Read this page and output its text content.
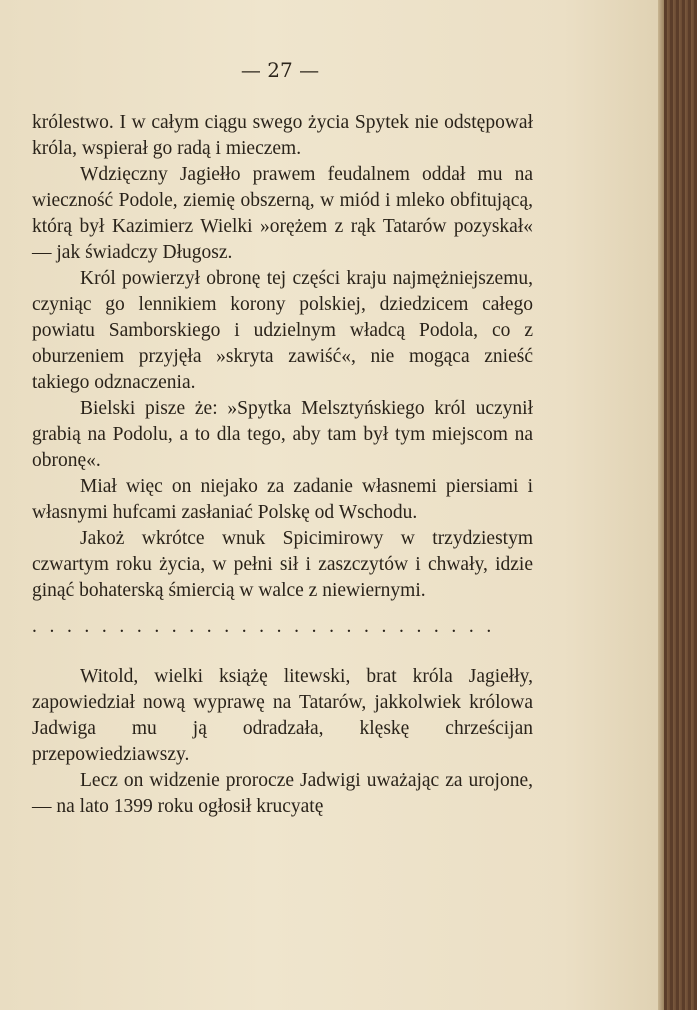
— 27 —

królestwo. I w całym ciągu swego życia Spytek nie odstępował króla, wspierał go radą i mieczem.

Wdzięczny Jagiełło prawem feudalnem oddał mu na wieczność Podole, ziemię obszerną, w miód i mleko obfitującą, którą był Kazimierz Wielki »orężem z rąk Tatarów pozyskał« — jak świadczy Długosz.

Król powierzył obronę tej części kraju najmężniejszemu, czyniąc go lennikiem korony polskiej, dziedzicem całego powiatu Samborskiego i udzielnym władcą Podola, co z oburzeniem przyjęła »skryta zawiść«, nie mogąca znieść takiego odznaczenia.

Bielski pisze że: »Spytka Melsztyńskiego król uczynił grabią na Podolu, a to dla tego, aby tam był tym miejscom na obronę«.

Miał więc on niejako za zadanie własnemi piersiami i własnymi hufcami zasłaniać Polskę od Wschodu.

Jakoż wkrótce wnuk Spicimirowy w trzydziestym czwartym roku życia, w pełni sił i zaszczytów i chwały, idzie ginąć bohaterską śmiercią w walce z niewiernymi.

...........................

Witold, wielki książę litewski, brat króla Jagiełły, zapowiedział nową wyprawę na Tatarów, jakkolwiek królowa Jadwiga mu ją odradzała, klęskę chrześcijan przepowiedziawszy.

Lecz on widzenie prorocze Jadwigi uważając za urojone, — na lato 1399 roku ogłosił krucyatę
